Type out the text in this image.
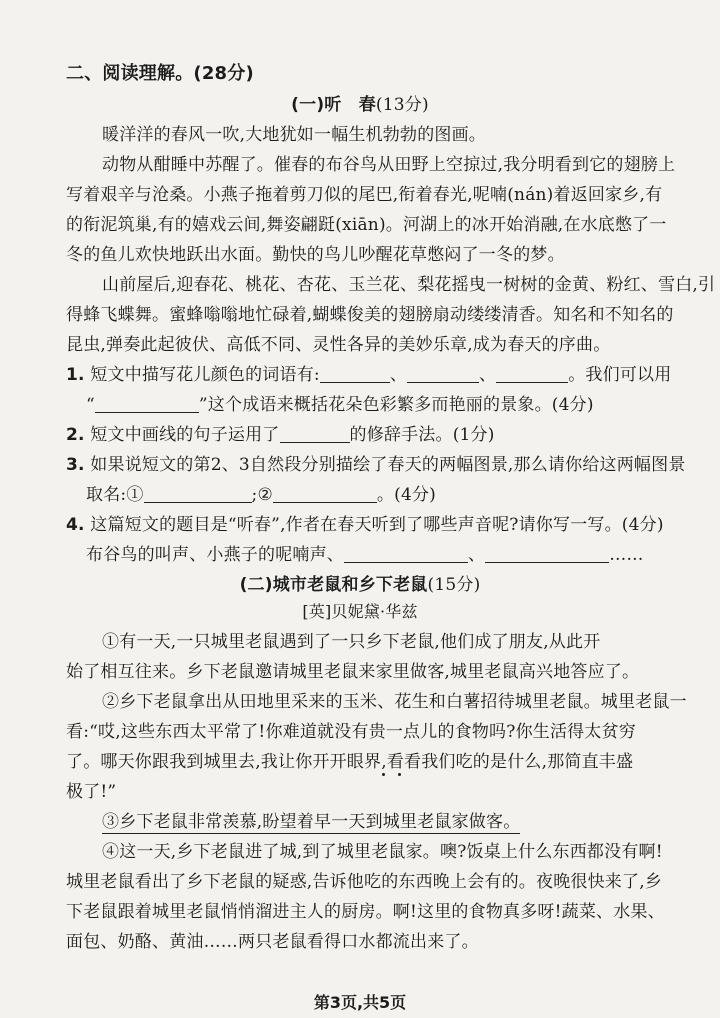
二、阅读理解。(28分)
(一)听　春(13分)
暖洋洋的春风一吹,大地犹如一幅生机勃勃的图画。
动物从酣睡中苏醒了。催春的布谷鸟从田野上空掠过,我分明看到它的翅膀上
写着艰辛与沧桑。小燕子拖着剪刀似的尾巴,衔着春光,呢喃(nán)着返回家乡,有
的衔泥筑巢,有的嬉戏云间,舞姿翩跹(xiān)。河湖上的冰开始消融,在水底憋了一
冬的鱼儿欢快地跃出水面。勤快的鸟儿吵醒花草憋闷了一冬的梦。
山前屋后,迎春花、桃花、杏花、玉兰花、梨花摇曳一树树的金黄、粉红、雪白,引
得蜂飞蝶舞。蜜蜂嗡嗡地忙碌着,蝴蝶俊美的翅膀扇动缕缕清香。知名和不知名的
昆虫,弹奏此起彼伏、高低不同、灵性各异的美妙乐章,成为春天的序曲。
1. 短文中描写花儿颜色的词语有:	、	、	。我们可以用
“	”这个成语来概括花朵色彩繁多而艳丽的景象。(4分)
2. 短文中画线的句子运用了	的修辞手法。(1分)
3. 如果说短文的第2、3自然段分别描绘了春天的两幅图景,那么请你给这两幅图景
取名:①	;②	。(4分)
4. 这篇短文的题目是“听春”,作者在春天听到了哪些声音呢?请你写一写。(4分)
布谷鸟的叫声、小燕子的呢喃声、	、	……
(二)城市老鼠和乡下老鼠(15分)
[英]贝妮黛·华兹
①有一天,一只城里老鼠遇到了一只乡下老鼠,他们成了朋友,从此开
始了相互往来。乡下老鼠邀请城里老鼠来家里做客,城里老鼠高兴地答应了。
②乡下老鼠拿出从田地里采来的玉米、花生和白薯招待城里老鼠。城里老鼠一
看:“哎,这些东西太平常了!你难道就没有贵一点儿的食物吗?你生活得太贫穷
了。哪天你跟我到城里去,我让你开开眼界,看看我们吃的是什么,那简直丰盛
极了!”
③乡下老鼠非常羡慕,盼望着早一天到城里老鼠家做客。
④这一天,乡下老鼠进了城,到了城里老鼠家。噢?饭桌上什么东西都没有啊!
城里老鼠看出了乡下老鼠的疑惑,告诉他吃的东西晚上会有的。夜晚很快来了,乡
下老鼠跟着城里老鼠悄悄溜进主人的厨房。啊!这里的食物真多呀!蔬菜、水果、
面包、奶酪、黄油……两只老鼠看得口水都流出来了。
第3页,共5页
